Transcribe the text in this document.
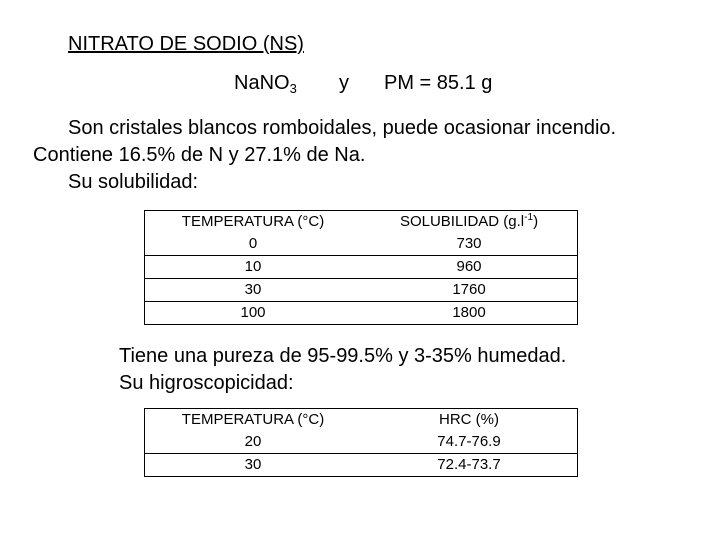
NITRATO DE SODIO (NS)
NaNO$_3$ y PM = 85.1 g
Son cristales blancos romboidales, puede ocasionar incendio.
Contiene 16.5% de N y 27.1% de Na.
Su solubilidad:
TEMPERATURA (°C)	SOLUBILIDAD $(g.l^{-1})$
0	730
10	960
30	1760
100	1800
Tiene una pureza de 95-99.5% y 3-35% humedad.
Su higroscopicidad:
TEMPERATURA (°C)	HRC (%)
20	74.7-76.9
30	72.4-73.7
